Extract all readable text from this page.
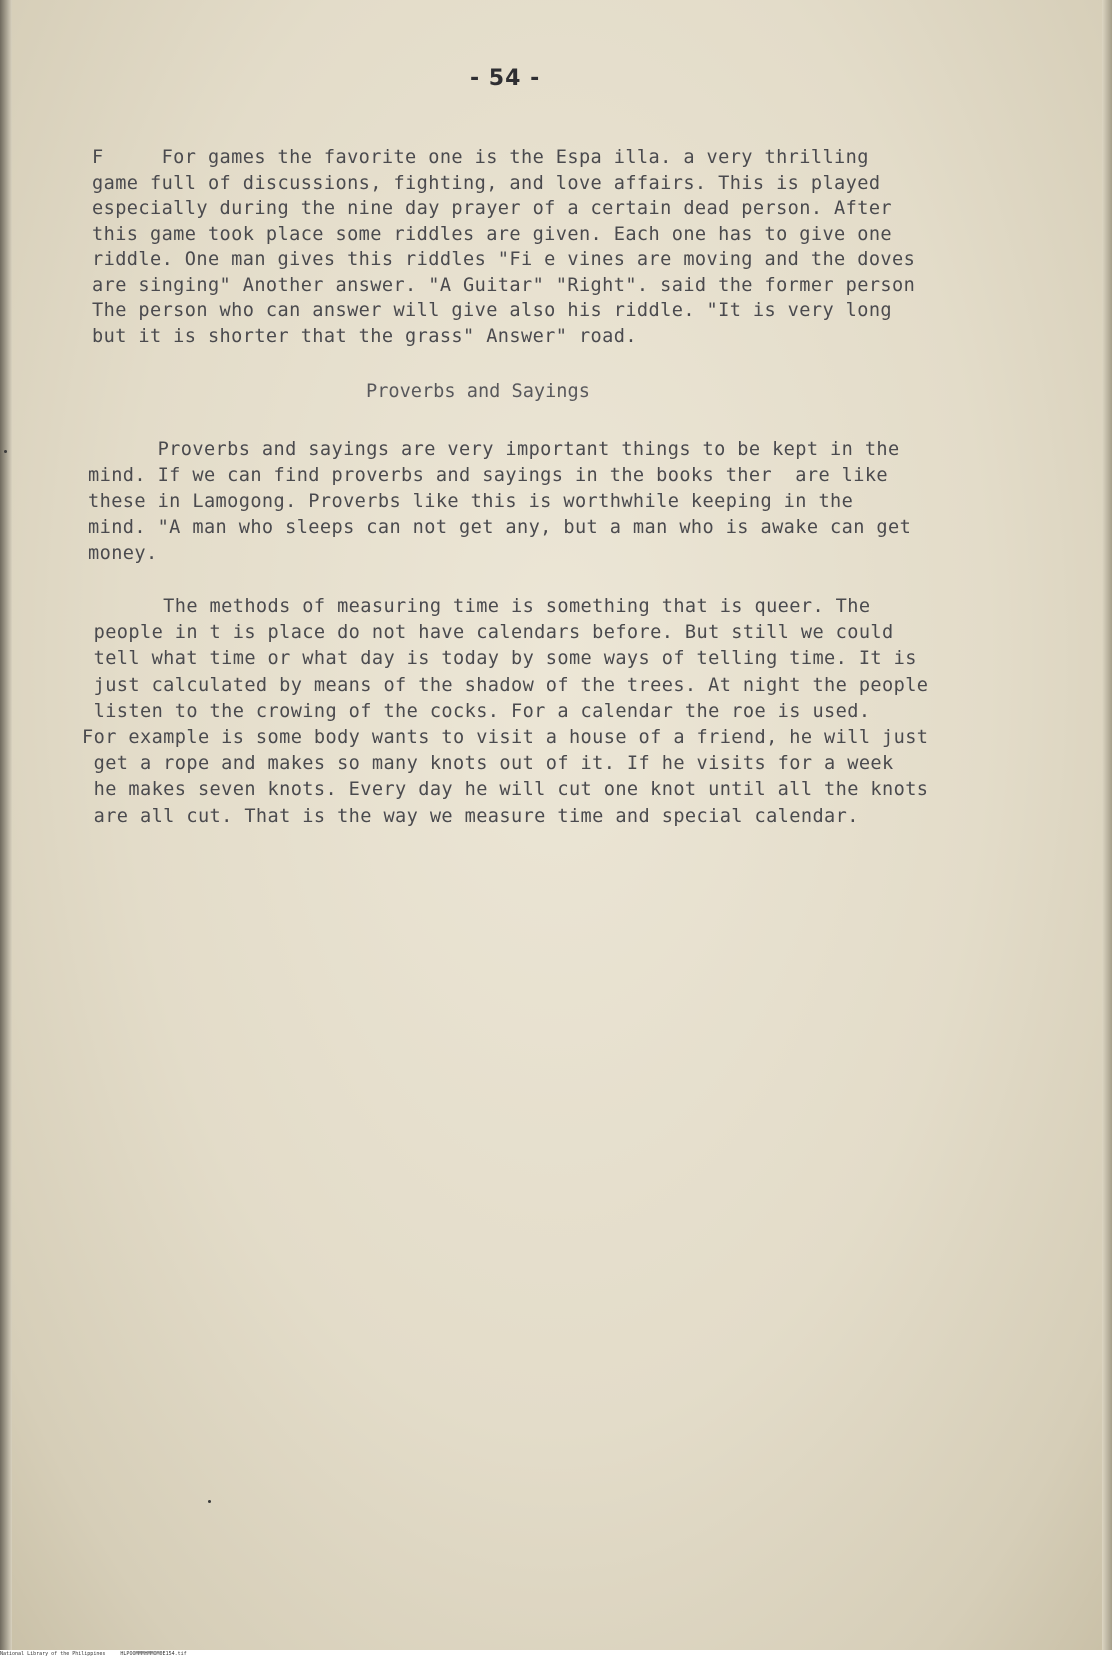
- 54 -
F     For games the favorite one is the Espa illa. a very thrilling
game full of discussions, fighting, and love affairs. This is played
especially during the nine day prayer of a certain dead person. After
this game took place some riddles are given. Each one has to give one
riddle. One man gives this riddles "Fi e vines are moving and the doves
are singing" Another answer. "A Guitar" "Right". said the former person
The person who can answer will give also his riddle. "It is very long
but it is shorter that the grass" Answer" road.
Proverbs and Sayings
Proverbs and sayings are very important things to be kept in the
mind. If we can find proverbs and sayings in the books ther  are like
these in Lamogong. Proverbs like this is worthwhile keeping in the
mind. "A man who sleeps can not get any, but a man who is awake can get
money.
The methods of measuring time is something that is queer. The
people in t is place do not have calendars before. But still we could
tell what time or what day is today by some ways of telling time. It is
just calculated by means of the shadow of the trees. At night the people
listen to the crowing of the cocks. For a calendar the roe is used.
For example is some body wants to visit a house of a friend, he will just
get a rope and makes so many knots out of it. If he visits for a week
he makes seven knots. Every day he will cut one knot until all the knots
are all cut. That is the way we measure time and special calendar.
National Library of the Philippines     HLPOOMMMHMMOM0E154.tif
